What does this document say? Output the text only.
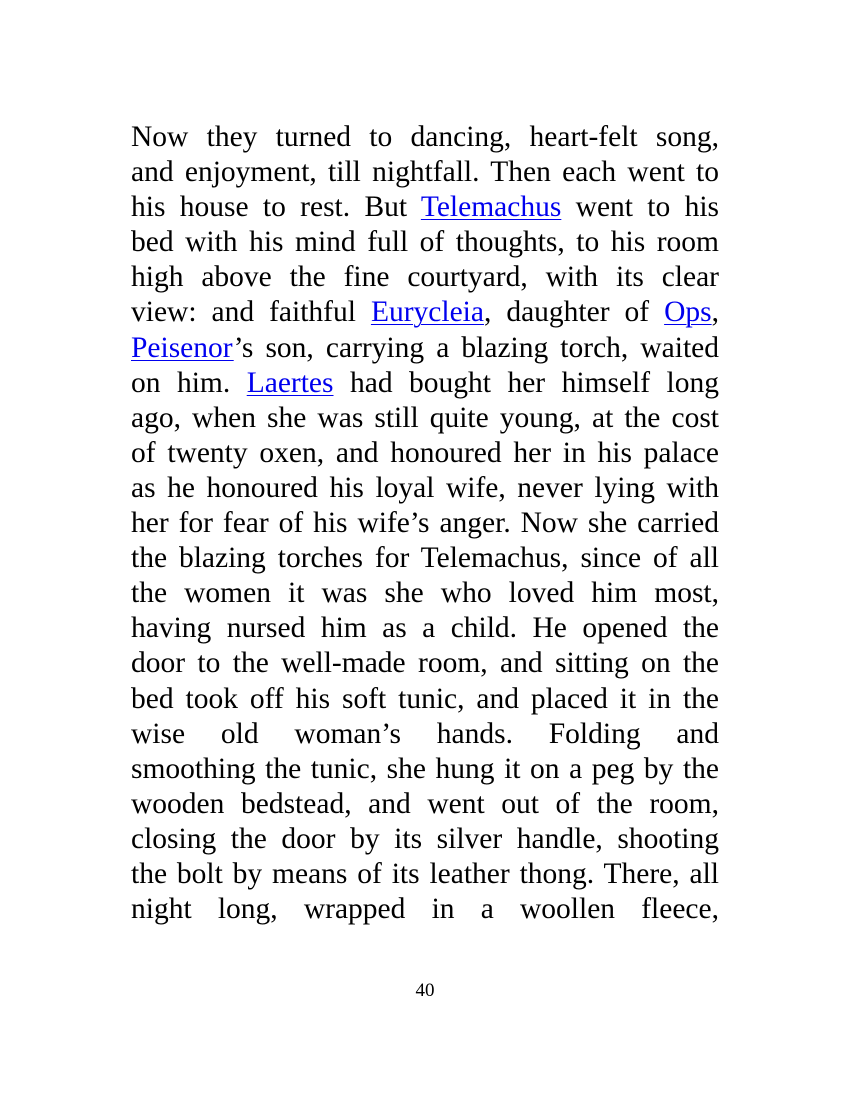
Now they turned to dancing, heart-felt song,
and enjoyment, till nightfall. Then each went to
his house to rest. But Telemachus went to his
bed with his mind full of thoughts, to his room
high above the fine courtyard, with its clear
view: and faithful Eurycleia, daughter of Ops,
Peisenor’s son, carrying a blazing torch, waited
on him. Laertes had bought her himself long
ago, when she was still quite young, at the cost
of twenty oxen, and honoured her in his palace
as he honoured his loyal wife, never lying with
her for fear of his wife’s anger. Now she carried
the blazing torches for Telemachus, since of all
the women it was she who loved him most,
having nursed him as a child. He opened the
door to the well-made room, and sitting on the
bed took off his soft tunic, and placed it in the
wise old woman’s hands. Folding and
smoothing the tunic, she hung it on a peg by the
wooden bedstead, and went out of the room,
closing the door by its silver handle, shooting
the bolt by means of its leather thong. There, all
night long, wrapped in a woollen fleece,
40
